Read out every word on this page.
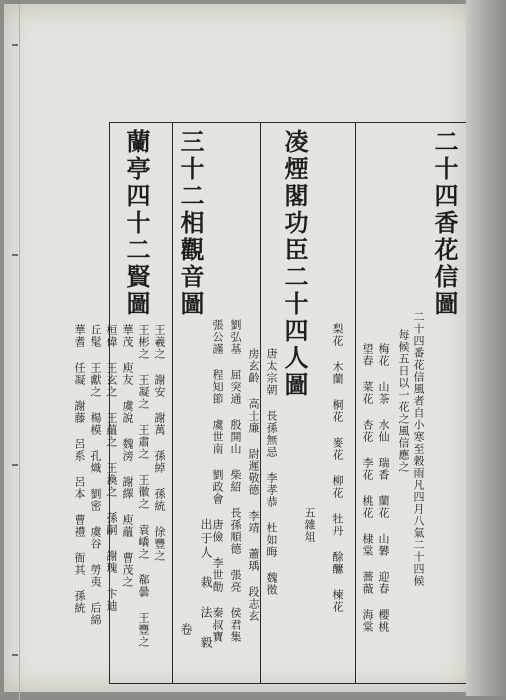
二十四香花信圖
二十四番花信風者自小寒至穀雨凡四月八氣二十四候
每候五日以一花之風信應之
梅花 山茶 水仙 瑞香 蘭花 山礬 迎春 櫻桃
望春 菜花 杏花 李花 桃花 棣棠 薔薇 海棠
梨花 木蘭 桐花 麥花 柳花 牡丹 酴醿 楝花
五雜俎
凌煙閣功臣二十四人圖
唐太宗朝 長孫無忌 李孝恭 杜如晦 魏徵
房玄齡 高士廉 尉遲敬德 李靖 蕭瑀 段志玄
劉弘基 屈突通 殷開山 柴紹 長孫順德 張亮 侯君集
張公謹 程知節 虞世南 劉政會 唐儉 李世勣 秦叔寶
三十二相觀音圖
出于人 栽 法 毅
卷
蘭亭四十二賢圖
王羲之 謝安 謝萬 孫綽 孫統 徐豐之
王彬之 王凝之 王肅之 王徽之 袁嶠之 郗曇 王豐之
華茂 庾友 虞說 魏滂 謝繹 庾蘊 曹茂之
桓偉 王玄之 王蘊之 王渙之 孫嗣 謝瑰 卞迪
丘髦 王獻之 楊模 孔熾 劉密 虞谷 勞夷 后綿
華耆 任凝 謝藤 呂系 呂本 曹禮 衙其 孫統
